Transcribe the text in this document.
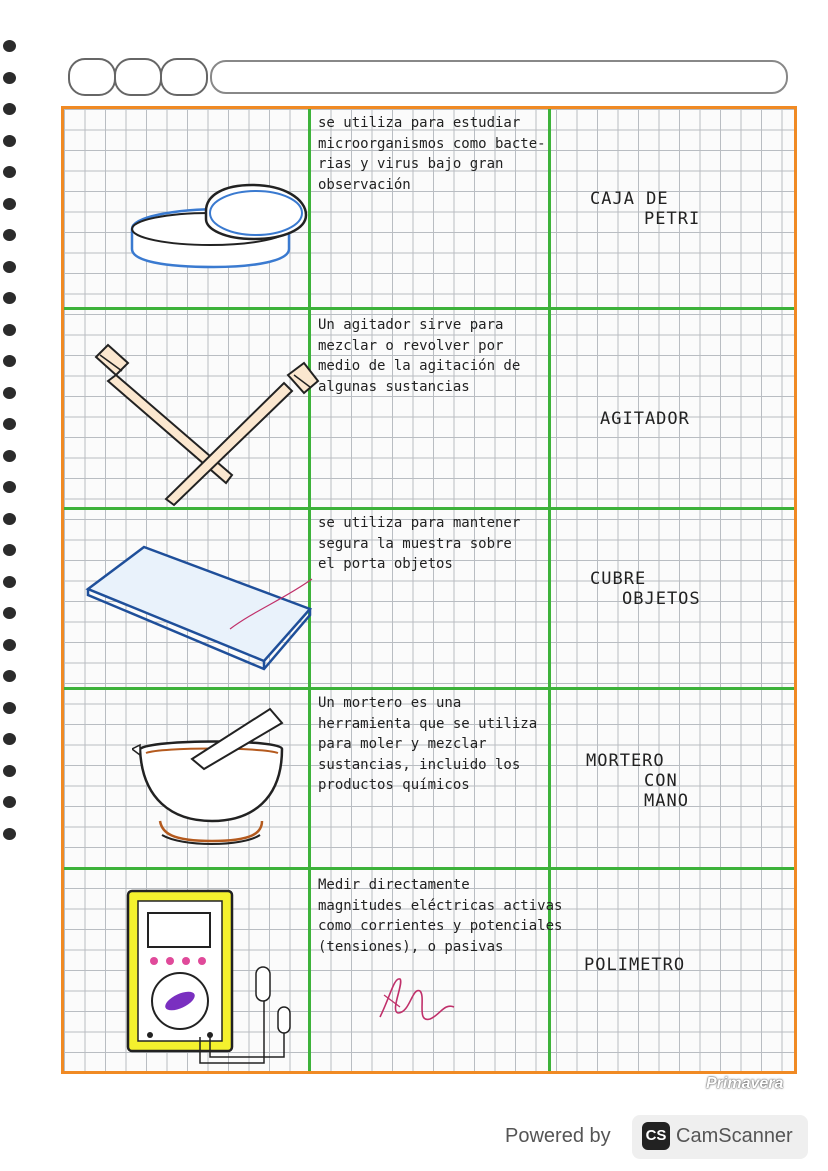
se utiliza para estudiar
microorganismos como bacte-
rias y virus bajo gran
observación
CAJA DE
PETRI
Un agitador sirve para
mezclar o revolver por
medio de la agitación de
algunas sustancias
AGITADOR
se utiliza para mantener
segura la muestra sobre
el porta objetos
CUBRE
OBJETOS
Un mortero es una
herramienta que se utiliza
para moler y mezclar
sustancias, incluido los
productos químicos
MORTERO
CON
MANO
Medir directamente
magnitudes eléctricas activas
como corrientes y potenciales
(tensiones), o pasivas
POLIMETRO
Primavera
Powered by CS CamScanner
